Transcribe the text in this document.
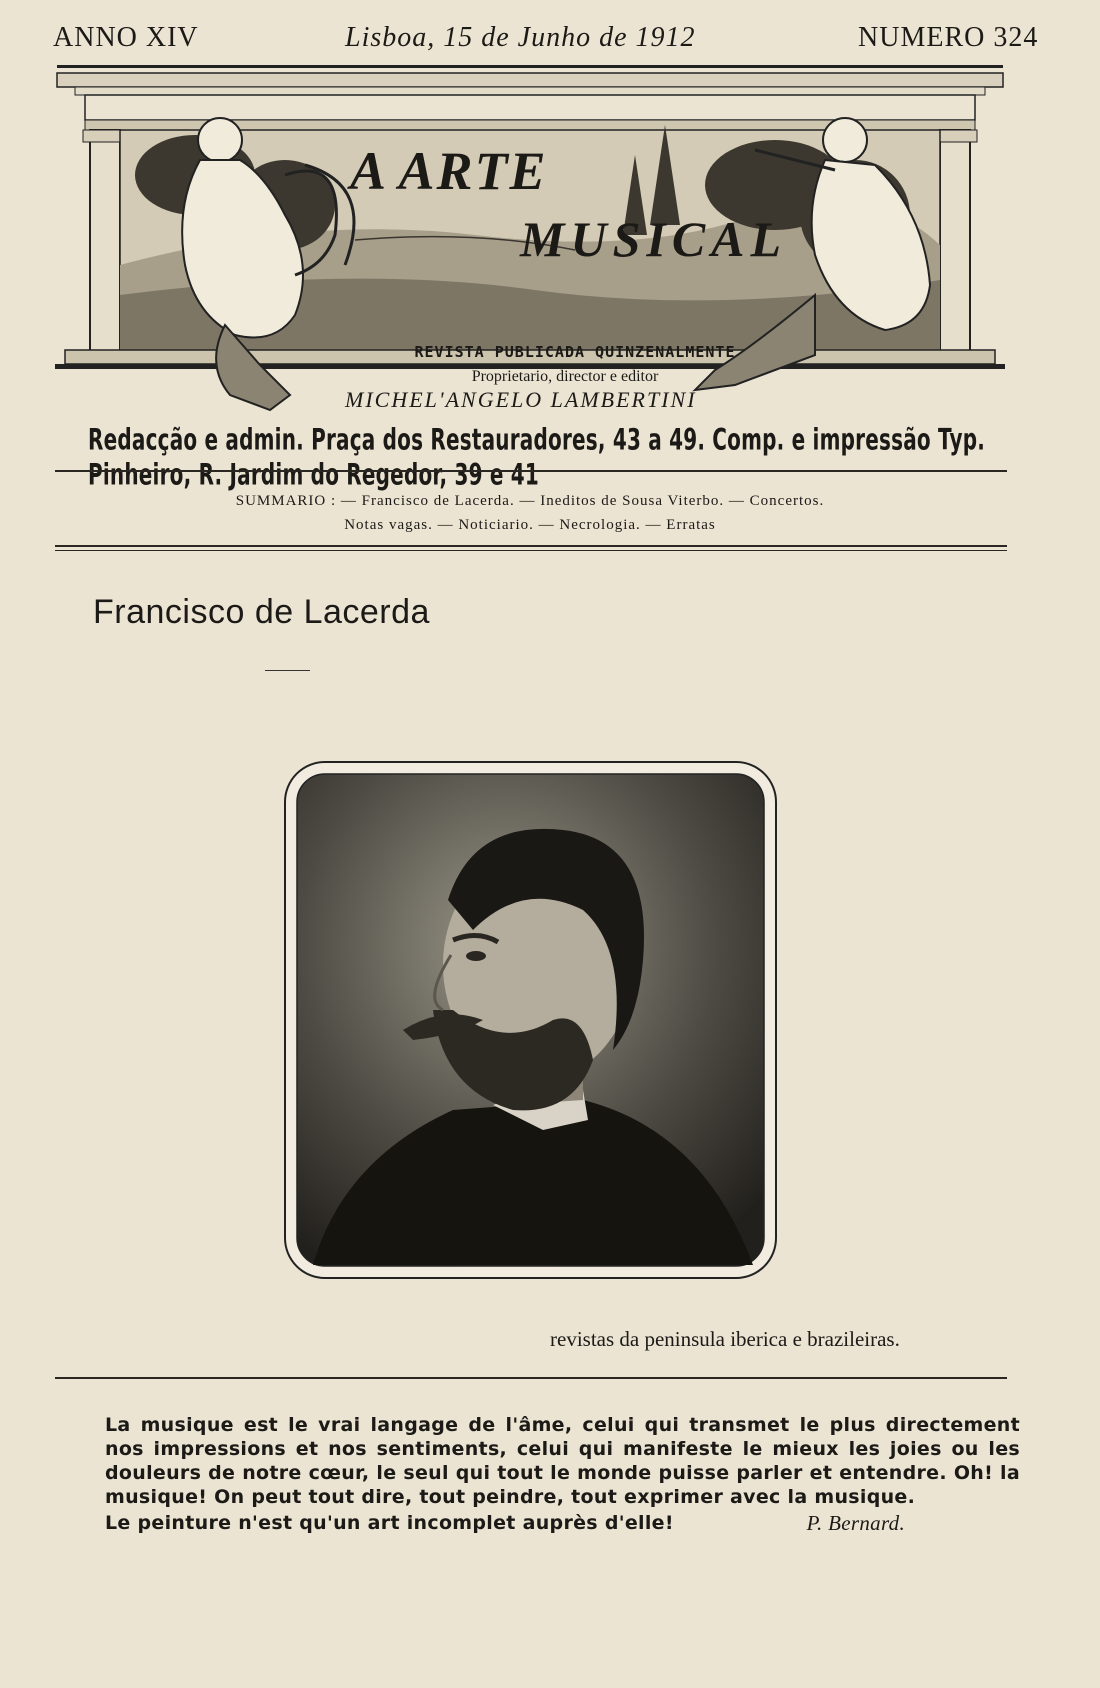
ANNO XIV	Lisboa, 15 de Junho de 1912	NUMERO 324
A ARTE
MUSICAL
REVISTA PUBLICADA QUINZENALMENTE
Proprietario, director e editor
MICHEL'ANGELO LAMBERTINI
Redacção e admin. Praça dos Restauradores, 43 a 49. Comp. e impressão Typ. Pinheiro, R. Jardim do Regedor, 39 e 41
SUMMARIO : — Francisco de Lacerda. — Ineditos de Sousa Viterbo. — Concertos.
Notas vagas. — Noticiario. — Necrologia. — Erratas
Francisco de Lacerda
revistas da peninsula iberica e brazileiras.

La musique est le vrai langage de l'âme, celui qui transmet le plus directement nos impressions et nos sentiments, celui qui manifeste le mieux les joies ou les douleurs de notre cœur, le seul qui tout le monde puisse parler et entendre. Oh! la musique! On peut tout dire, tout peindre, tout exprimer avec la musique.

Le peinture n'est qu'un art incomplet auprès d'elle!	P. Bernard.
